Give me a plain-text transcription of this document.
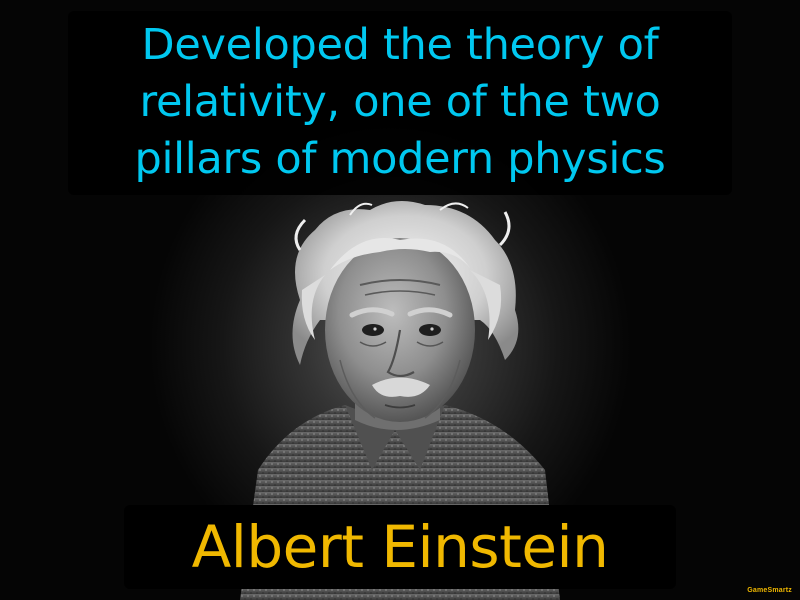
Developed the theory of
relativity, one of the two
pillars of modern physics

Albert Einstein

GameSmartz
